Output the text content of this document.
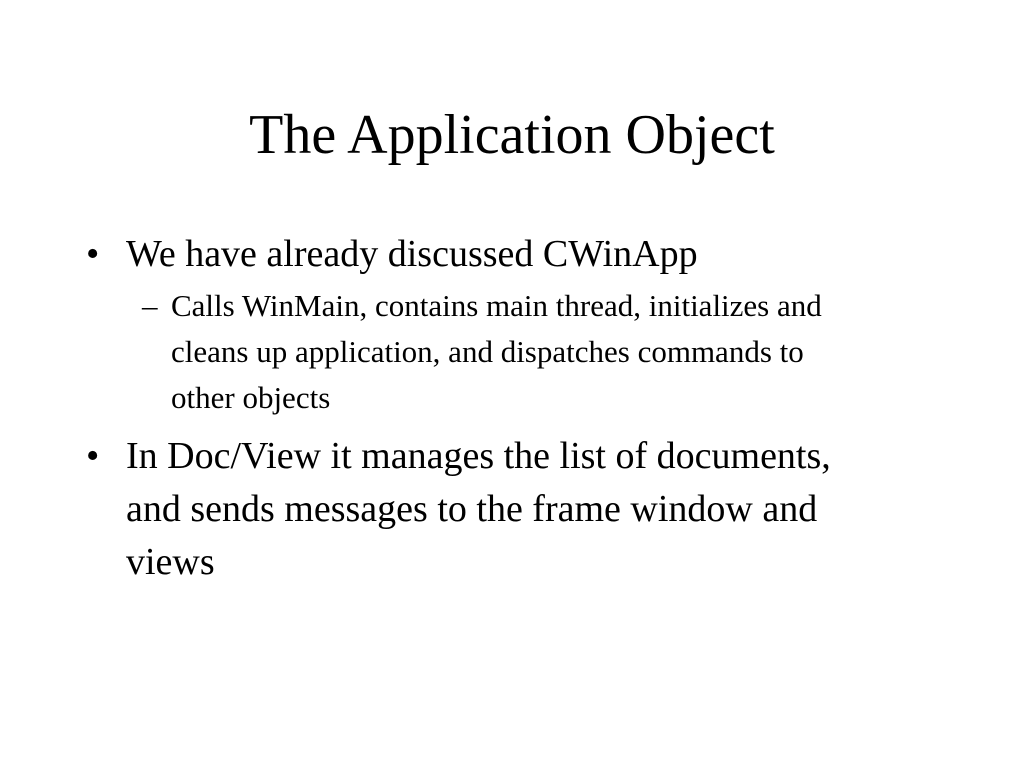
The Application Object
• We have already discussed CWinApp
– Calls WinMain, contains main thread, initializes and cleans up application, and dispatches commands to other objects
• In Doc/View it manages the list of documents, and sends messages to the frame window and views
